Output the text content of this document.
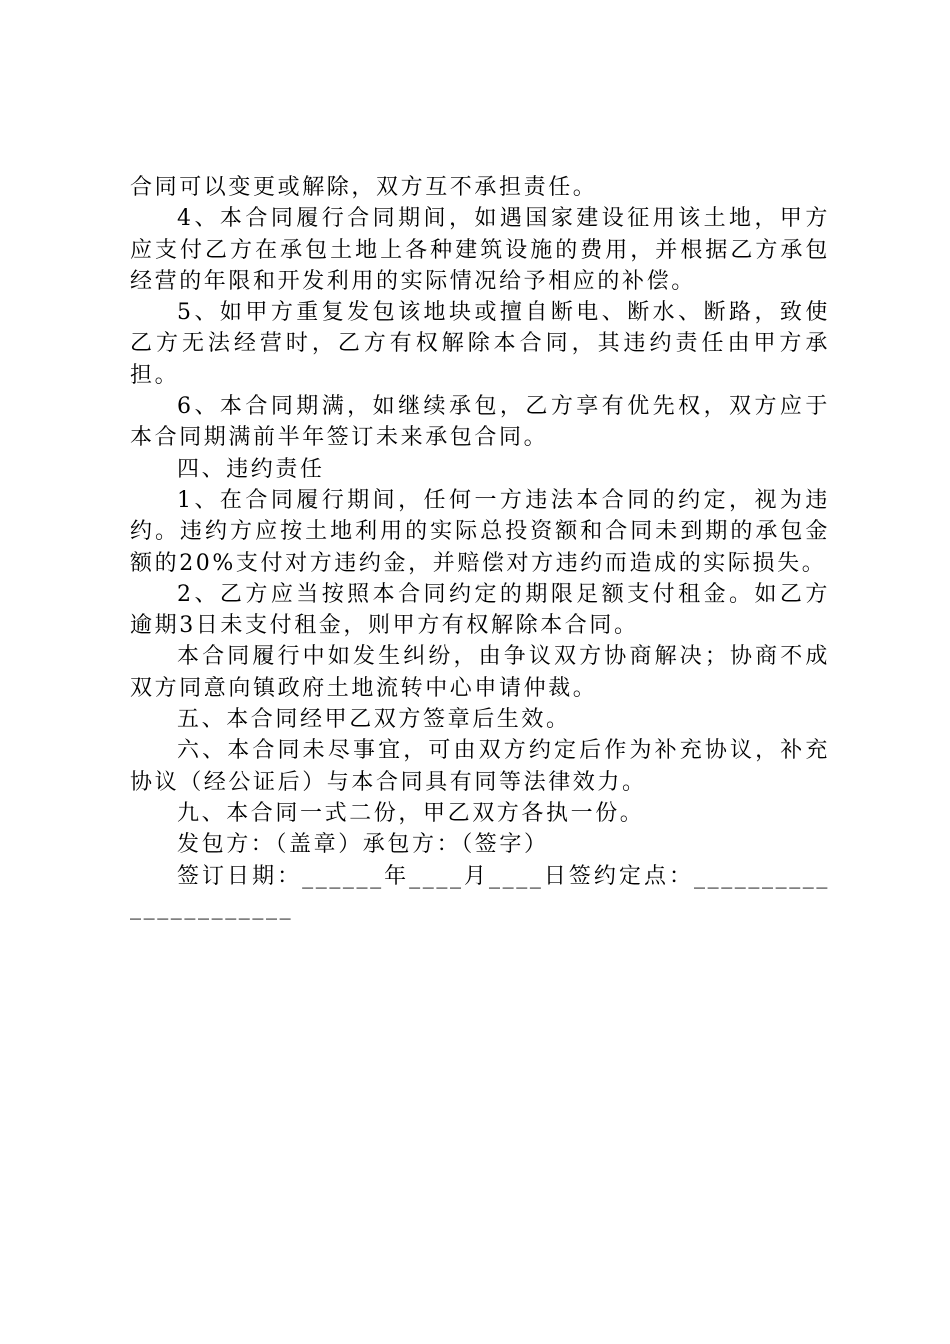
合同可以变更或解除，双方互不承担责任。

4、本合同履行合同期间，如遇国家建设征用该土地，甲方应支付乙方在承包土地上各种建筑设施的费用，并根据乙方承包经营的年限和开发利用的实际情况给予相应的补偿。

5、如甲方重复发包该地块或擅自断电、断水、断路，致使乙方无法经营时，乙方有权解除本合同，其违约责任由甲方承担。

6、本合同期满，如继续承包，乙方享有优先权，双方应于本合同期满前半年签订未来承包合同。

四、违约责任

1、在合同履行期间，任何一方违法本合同的约定，视为违约。违约方应按土地利用的实际总投资额和合同未到期的承包金额的20%支付对方违约金，并赔偿对方违约而造成的实际损失。

2、乙方应当按照本合同约定的期限足额支付租金。如乙方逾期3日未支付租金，则甲方有权解除本合同。

本合同履行中如发生纠纷，由争议双方协商解决；协商不成双方同意向镇政府土地流转中心申请仲裁。

五、本合同经甲乙双方签章后生效。

六、本合同未尽事宜，可由双方约定后作为补充协议，补充协议（经公证后）与本合同具有同等法律效力。

九、本合同一式二份，甲乙双方各执一份。

发包方：（盖章）承包方：（签字）

签订日期：______年____月____日签约定点：______________________
